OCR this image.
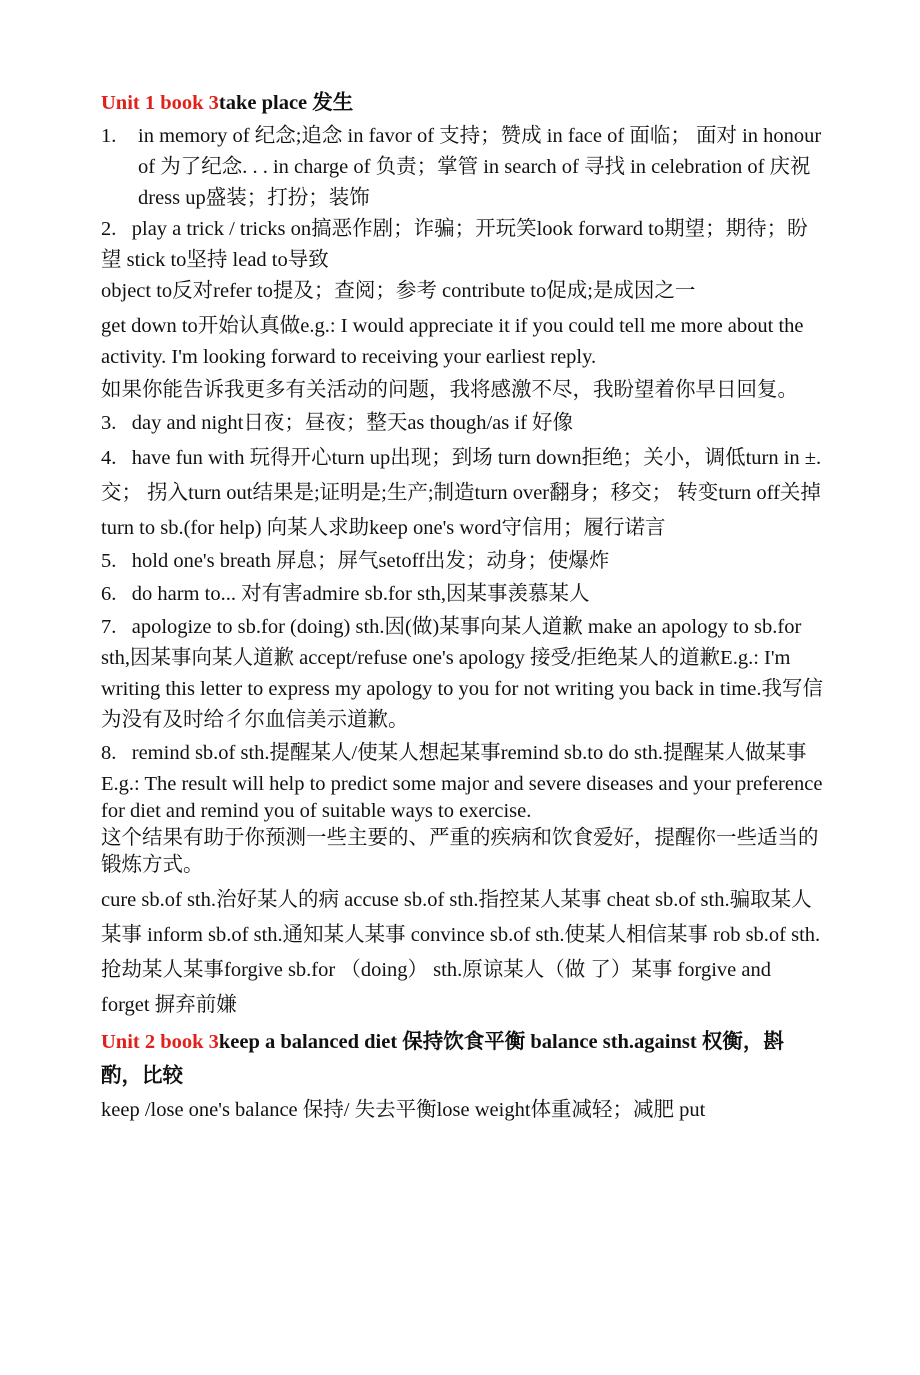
Unit 1 book 3take place 发生
1. in memory of 纪念;追念 in favor of 支持；赞成 in face of 面临； 面对 in honour of 为了纪念. . . in charge of 负责；掌管 in search of 寻找 in celebration of 庆祝dress up盛装；打扮；装饰
2. play a trick / tricks on搞恶作剧；诈骗；开玩笑look forward to期望；期待；盼望 stick to坚持 lead to导致
object to反对refer to提及；查阅；参考 contribute to促成;是成因之一
get down to开始认真做e.g.: I would appreciate it if you could tell me more about the activity. I'm looking forward to receiving your earliest reply.
如果你能告诉我更多有关活动的问题，我将感激不尽，我盼望着你早日回复。
3. day and night日夜；昼夜；整天as though/as if 好像
4. have fun with 玩得开心turn up出现；到场 turn down拒绝；关小，调低turn in ±.交； 拐入turn out结果是;证明是;生产;制造turn over翻身；移交； 转变turn off关掉
turn to sb.(for help) 向某人求助keep one's word守信用；履行诺言
5. hold one's breath 屏息；屏气setoff出发；动身；使爆炸
6. do harm to... 对有害admire sb.for sth,因某事羡慕某人
7. apologize to sb.for (doing) sth.因(做)某事向某人道歉 make an apology to sb.for sth,因某事向某人道歉 accept/refuse one's apology 接受/拒绝某人的道歉E.g.: I'm writing this letter to express my apology to you for not writing you back in time.我写信为没有及时给彳尔血信美示道歉。
8. remind sb.of sth.提醒某人/使某人想起某事remind sb.to do sth.提醒某人做某事
E.g.: The result will help to predict some major and severe diseases and your preference for diet and remind you of suitable ways to exercise.
这个结果有助于你预测一些主要的、严重的疾病和饮食爱好，提醒你一些适当的锻炼方式。
cure sb.of sth.治好某人的病 accuse sb.of sth.指控某人某事 cheat sb.of sth.骗取某人某事 inform sb.of sth.通知某人某事 convince sb.of sth.使某人相信某事 rob sb.of sth.抢劫某人某事forgive sb.for （doing） sth.原谅某人（做 了）某事 forgive and forget 摒弃前嫌
Unit 2 book 3keep a balanced diet 保持饮食平衡 balance sth.against 权衡，斟 酌，比较
keep /lose one's balance 保持/ 失去平衡lose weight体重减轻；减肥 put
